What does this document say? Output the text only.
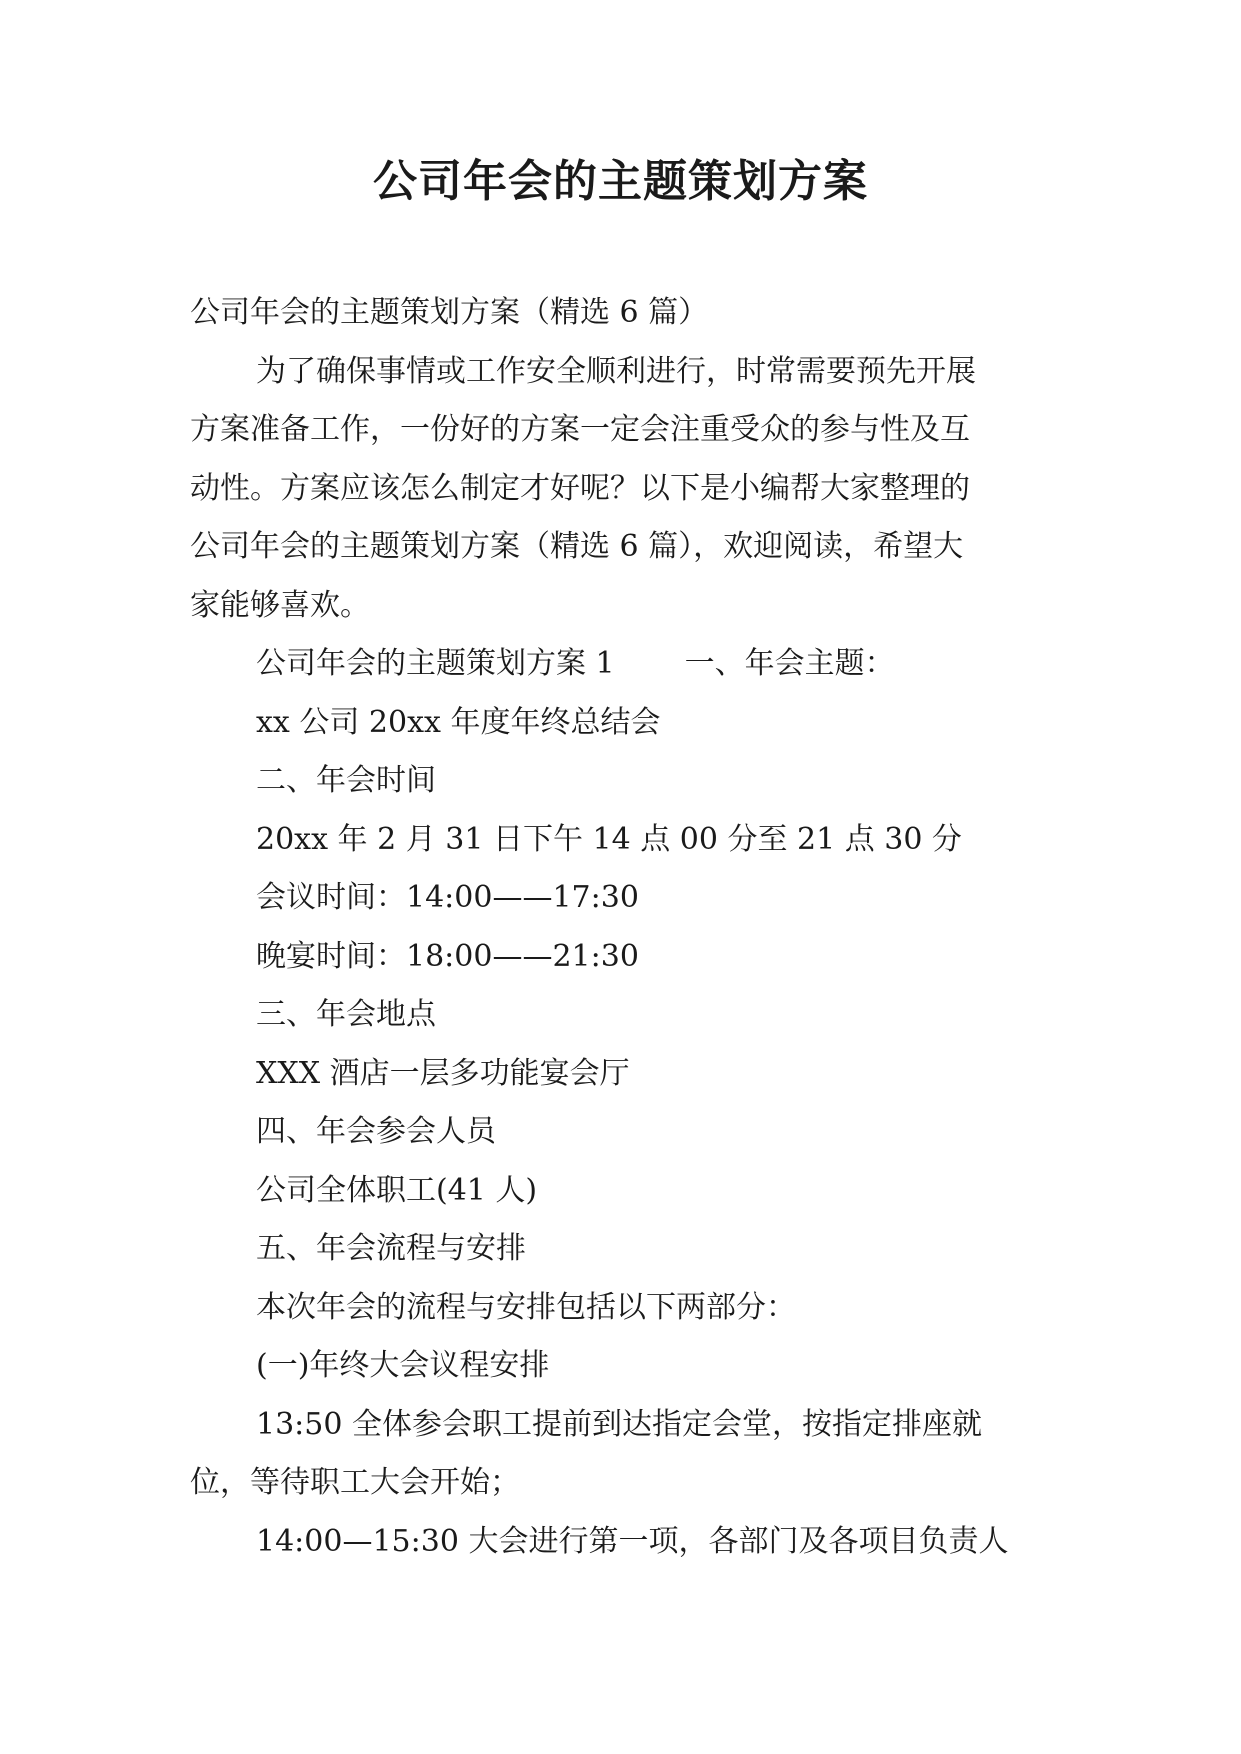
公司年会的主题策划方案

公司年会的主题策划方案（精选 6 篇）

为了确保事情或工作安全顺利进行，时常需要预先开展

方案准备工作，一份好的方案一定会注重受众的参与性及互

动性。方案应该怎么制定才好呢？以下是小编帮大家整理的

公司年会的主题策划方案（精选 6 篇），欢迎阅读，希望大

家能够喜欢。

公司年会的主题策划方案 1 一、年会主题：

xx 公司 20xx 年度年终总结会

二、年会时间

20xx 年 2 月 31 日下午 14 点 00 分至 21 点 30 分

会议时间：14:00——17:30

晚宴时间：18:00——21:30

三、年会地点

XXX 酒店一层多功能宴会厅

四、年会参会人员

公司全体职工(41 人)

五、年会流程与安排

本次年会的流程与安排包括以下两部分：

(一)年终大会议程安排

13:50 全体参会职工提前到达指定会堂，按指定排座就

位，等待职工大会开始；

14:00—15:30 大会进行第一项，各部门及各项目负责人
